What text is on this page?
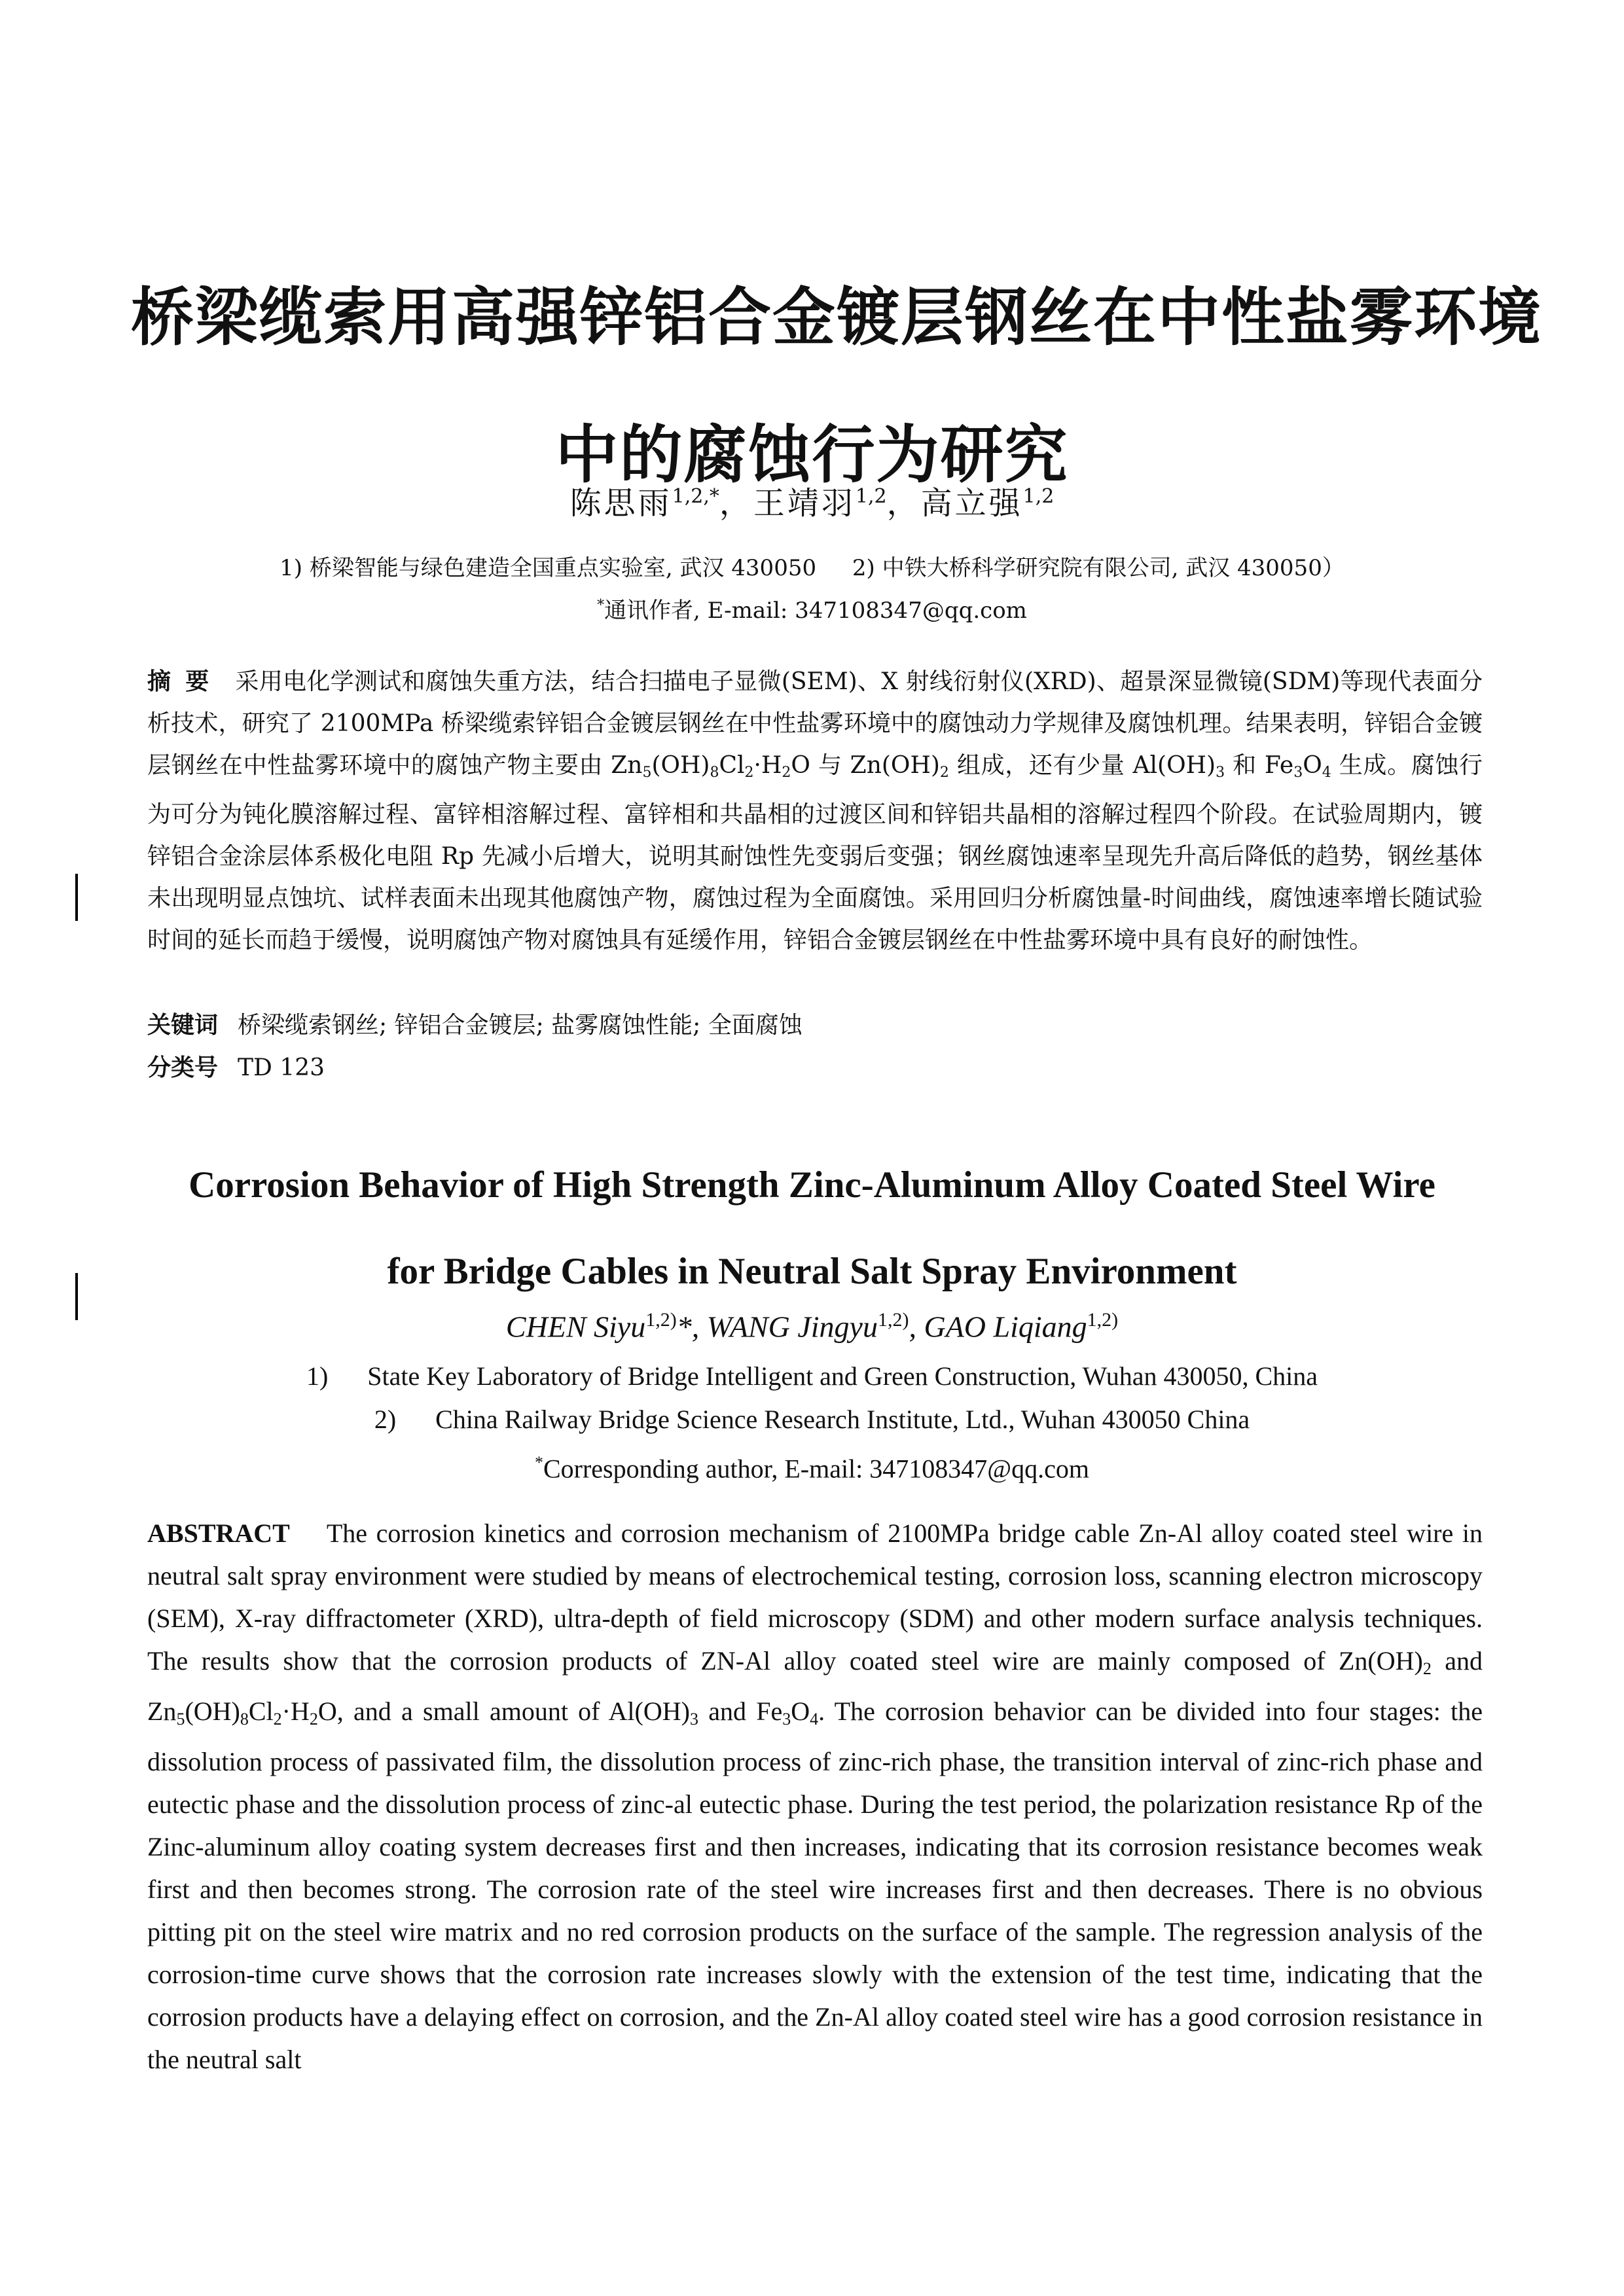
桥梁缆索用高强锌铝合金镀层钢丝在中性盐雾环境
中的腐蚀行为研究
陈思雨$^{1,2,*}$，王靖羽$^{1,2}$，高立强$^{1,2}$
1) 桥梁智能与绿色建造全国重点实验室, 武汉 430050 2) 中铁大桥科学研究院有限公司, 武汉 430050）
*通讯作者, E-mail: 347108347@qq.com
摘要 采用电化学测试和腐蚀失重方法，结合扫描电子显微(SEM)、X 射线衍射仪(XRD)、超景深显微镜(SDM)等现代表面分析技术，研究了 2100MPa 桥梁缆索锌铝合金镀层钢丝在中性盐雾环境中的腐蚀动力学规律及腐蚀机理。结果表明，锌铝合金镀层钢丝在中性盐雾环境中的腐蚀产物主要由 $Zn_5(OH)_8Cl_2\cdot H_2O$ 与 $Zn(OH)_2$ 组成，还有少量 $Al(OH)_3$ 和 $Fe_3O_4$ 生成。腐蚀行为可分为钝化膜溶解过程、富锌相溶解过程、富锌相和共晶相的过渡区间和锌铝共晶相的溶解过程四个阶段。在试验周期内，镀锌铝合金涂层体系极化电阻 Rp 先减小后增大，说明其耐蚀性先变弱后变强；钢丝腐蚀速率呈现先升高后降低的趋势，钢丝基体未出现明显点蚀坑、试样表面未出现其他腐蚀产物，腐蚀过程为全面腐蚀。采用回归分析腐蚀量-时间曲线，腐蚀速率增长随试验时间的延长而趋于缓慢，说明腐蚀产物对腐蚀具有延缓作用，锌铝合金镀层钢丝在中性盐雾环境中具有良好的耐蚀性。
关键词 桥梁缆索钢丝; 锌铝合金镀层; 盐雾腐蚀性能; 全面腐蚀
分类号 TD 123
Corrosion Behavior of High Strength Zinc-Aluminum Alloy Coated Steel Wire
for Bridge Cables in Neutral Salt Spray Environment
CHEN Siyu$^{1,2)}$*, WANG Jingyu$^{1,2)}$, GAO Liqiang$^{1,2)}$
1) State Key Laboratory of Bridge Intelligent and Green Construction, Wuhan 430050, China
2) China Railway Bridge Science Research Institute, Ltd., Wuhan 430050 China
*Corresponding author, E-mail: 347108347@qq.com
ABSTRACT The corrosion kinetics and corrosion mechanism of 2100MPa bridge cable Zn-Al alloy coated steel wire in neutral salt spray environment were studied by means of electrochemical testing, corrosion loss, scanning electron microscopy (SEM), X-ray diffractometer (XRD), ultra-depth of field microscopy (SDM) and other modern surface analysis techniques. The results show that the corrosion products of ZN-Al alloy coated steel wire are mainly composed of $Zn(OH)_2$ and $Zn_5(OH)_8Cl_2\cdot H_2O$, and a small amount of $Al(OH)_3$ and $Fe_3O_4$. The corrosion behavior can be divided into four stages: the dissolution process of passivated film, the dissolution process of zinc-rich phase, the transition interval of zinc-rich phase and eutectic phase and the dissolution process of zinc-al eutectic phase. During the test period, the polarization resistance Rp of the Zinc-aluminum alloy coating system decreases first and then increases, indicating that its corrosion resistance becomes weak first and then becomes strong. The corrosion rate of the steel wire increases first and then decreases. There is no obvious pitting pit on the steel wire matrix and no red corrosion products on the surface of the sample. The regression analysis of the corrosion-time curve shows that the corrosion rate increases slowly with the extension of the test time, indicating that the corrosion products have a delaying effect on corrosion, and the Zn-Al alloy coated steel wire has a good corrosion resistance in the neutral salt
